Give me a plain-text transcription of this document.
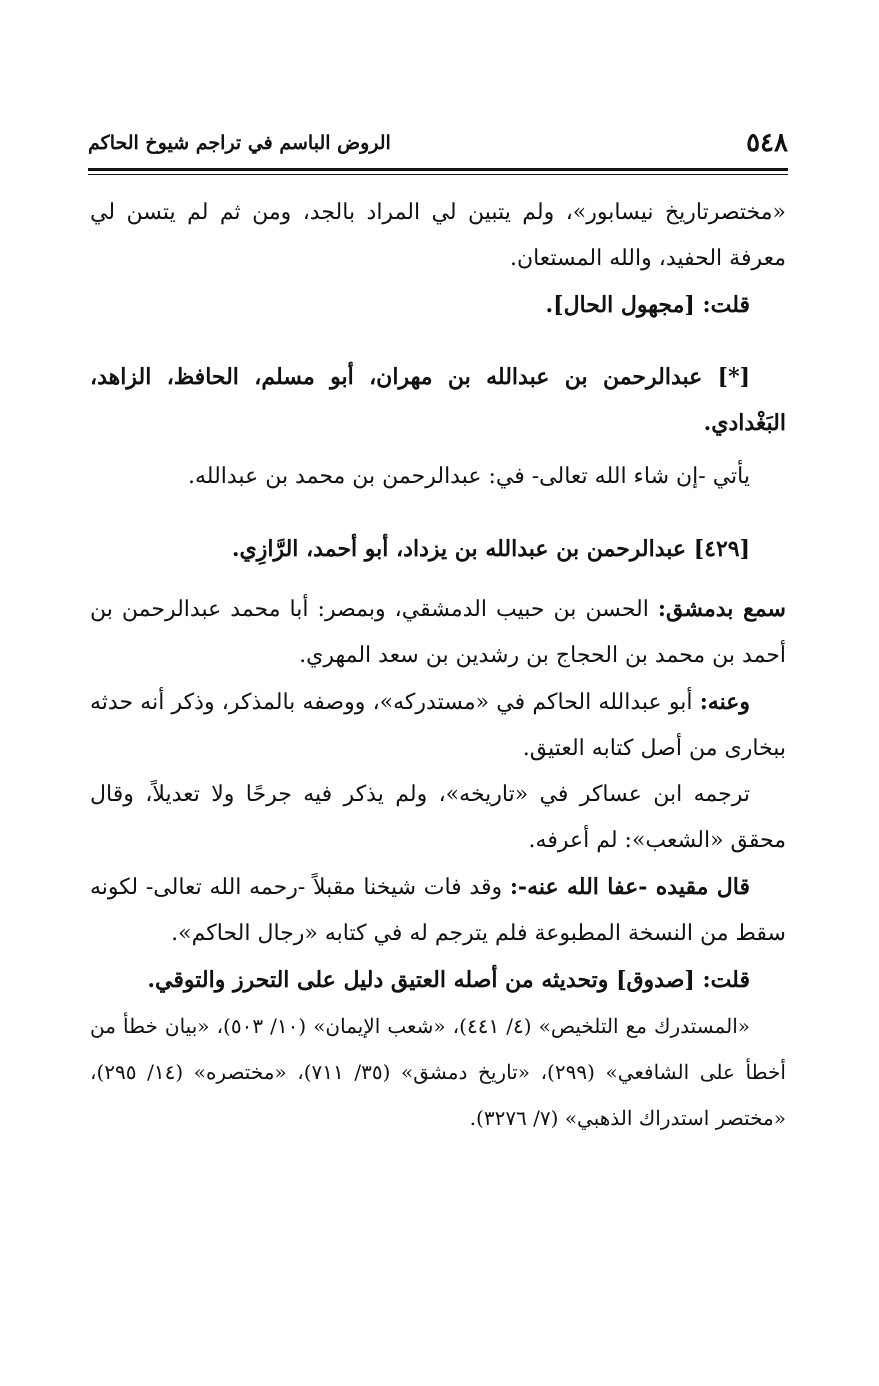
٥٤٨
الروض الباسم في تراجم شيوخ الحاكم

«مختصرتاريخ نيسابور»، ولم يتبين لي المراد بالجد، ومن ثم لم يتسن لي معرفة الحفيد، والله المستعان.

قلت: [مجهول الحال].

[*] عبدالرحمن بن عبدالله بن مهران، أبو مسلم، الحافظ، الزاهد، البَغْدادي.

يأتي -إن شاء الله تعالى- في: عبدالرحمن بن محمد بن عبدالله.

[٤٢٩] عبدالرحمن بن عبدالله بن يزداد، أبو أحمد، الرَّازِي.

سمع بدمشق: الحسن بن حبيب الدمشقي، وبمصر: أبا محمد عبدالرحمن بن أحمد بن محمد بن الحجاج بن رشدين بن سعد المهري.

وعنه: أبو عبدالله الحاكم في «مستدركه»، ووصفه بالمذكر، وذكر أنه حدثه ببخارى من أصل كتابه العتيق.

ترجمه ابن عساكر في «تاريخه»، ولم يذكر فيه جرحًا ولا تعديلاً، وقال محقق «الشعب»: لم أعرفه.

قال مقيده -عفا الله عنه-: وقد فات شيخنا مقبلاً -رحمه الله تعالى- لكونه سقط من النسخة المطبوعة فلم يترجم له في كتابه «رجال الحاكم».

قلت: [صدوق] وتحديثه من أصله العتيق دليل على التحرز والتوقي.

«المستدرك مع التلخيص» (٤/ ٤٤١)، «شعب الإيمان» (١٠/ ٥٠٣)، «بيان خطأ من أخطأ على الشافعي» (٢٩٩)، «تاريخ دمشق» (٣٥/ ٧١١)، «مختصره» (١٤/ ٢٩٥)، «مختصر استدراك الذهبي» (٧/ ٣٢٧٦).
